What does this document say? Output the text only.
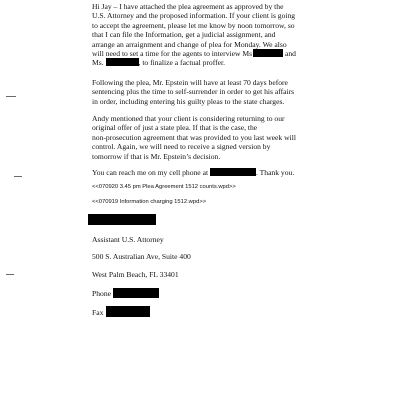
Hi Jay – I have attached the plea agreement as approved by the
U.S. Attorney and the proposed information. If your client is going
to accept the agreement, please let me know by noon tomorrow, so
that I can file the Information, get a judicial assignment, and
arrange an arraignment and change of plea for Monday. We also
will need to set a time for the agents to interview Ms	and
Ms.	, to finalize a factual proffer.
Following the plea, Mr. Epstein will have at least 70 days before
sentencing plus the time to self-surrender in order to get his affairs
in order, including entering his guilty pleas to the state charges.
Andy mentioned that your client is considering returning to our
original offer of just a state plea. If that is the case, the
non-prosecution agreement that was provided to you last week will
control. Again, we will need to receive a signed version by
tomorrow if that is Mr. Epstein’s decision.
You can reach me on my cell phone at	. Thank you.
<<070920 3.45 pm Plea Agreement 1512 counts.wpd>>
<<070919 Information charging 1512.wpd>>
Assistant U.S. Attorney
500 S. Australian Ave, Suite 400
West Palm Beach, FL 33401
Phone
Fax
